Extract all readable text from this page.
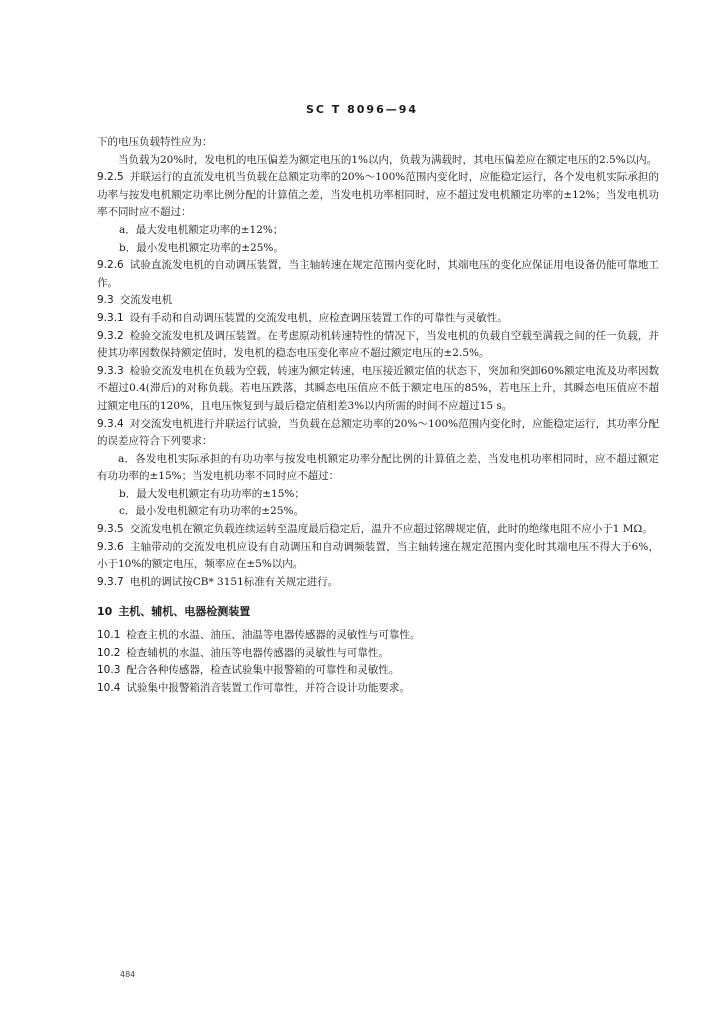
SC T 8096—94

下的电压负载特性应为：

当负载为20%时，发电机的电压偏差为额定电压的1%以内，负载为满载时，其电压偏差应在额定电压的2.5%以内。

9.2.5 并联运行的直流发电机当负载在总额定功率的20%～100%范围内变化时，应能稳定运行，各个发电机实际承担的功率与按发电机额定功率比例分配的计算值之差，当发电机功率相同时，应不超过发电机额定功率的±12%；当发电机功率不同时应不超过：

a．最大发电机额定功率的±12%；

b．最小发电机额定功率的±25%。

9.2.6 试验直流发电机的自动调压装置，当主轴转速在规定范围内变化时，其端电压的变化应保证用电设备仍能可靠地工作。

9.3 交流发电机

9.3.1 设有手动和自动调压装置的交流发电机，应检查调压装置工作的可靠性与灵敏性。

9.3.2 检验交流发电机及调压装置。在考虑原动机转速特性的情况下，当发电机的负载自空载至满载之间的任一负载，并使其功率因数保持额定值时，发电机的稳态电压变化率应不超过额定电压的±2.5%。

9.3.3 检验交流发电机在负载为空载，转速为额定转速，电压接近额定值的状态下，突加和突卸60%额定电流及功率因数不超过0.4(滞后)的对称负载。若电压跌落，其瞬态电压值应不低于额定电压的85%，若电压上升，其瞬态电压值应不超过额定电压的120%，且电压恢复到与最后稳定值相差3%以内所需的时间不应超过15 s。

9.3.4 对交流发电机进行并联运行试验，当负载在总额定功率的20%～100%范围内变化时，应能稳定运行，其功率分配的误差应符合下列要求：

a．各发电机实际承担的有功功率与按发电机额定功率分配比例的计算值之差，当发电机功率相同时，应不超过额定有功功率的±15%；当发电机功率不同时应不超过：

b．最大发电机额定有功功率的±15%；

c．最小发电机额定有功功率的±25%。

9.3.5 交流发电机在额定负载连续运转至温度最后稳定后，温升不应超过铭牌规定值，此时的绝缘电阻不应小于1 MΩ。

9.3.6 主轴带动的交流发电机应设有自动调压和自动调频装置，当主轴转速在规定范围内变化时其端电压不得大于6%，小于10%的额定电压，频率应在±5%以内。

9.3.7 电机的调试按CB* 3151标准有关规定进行。

10 主机、辅机、电器检测装置

10.1 检查主机的水温、油压、油温等电器传感器的灵敏性与可靠性。

10.2 检查辅机的水温、油压等电器传感器的灵敏性与可靠性。

10.3 配合各种传感器，检查试验集中报警箱的可靠性和灵敏性。

10.4 试验集中报警箱消音装置工作可靠性，并符合设计功能要求。

484
